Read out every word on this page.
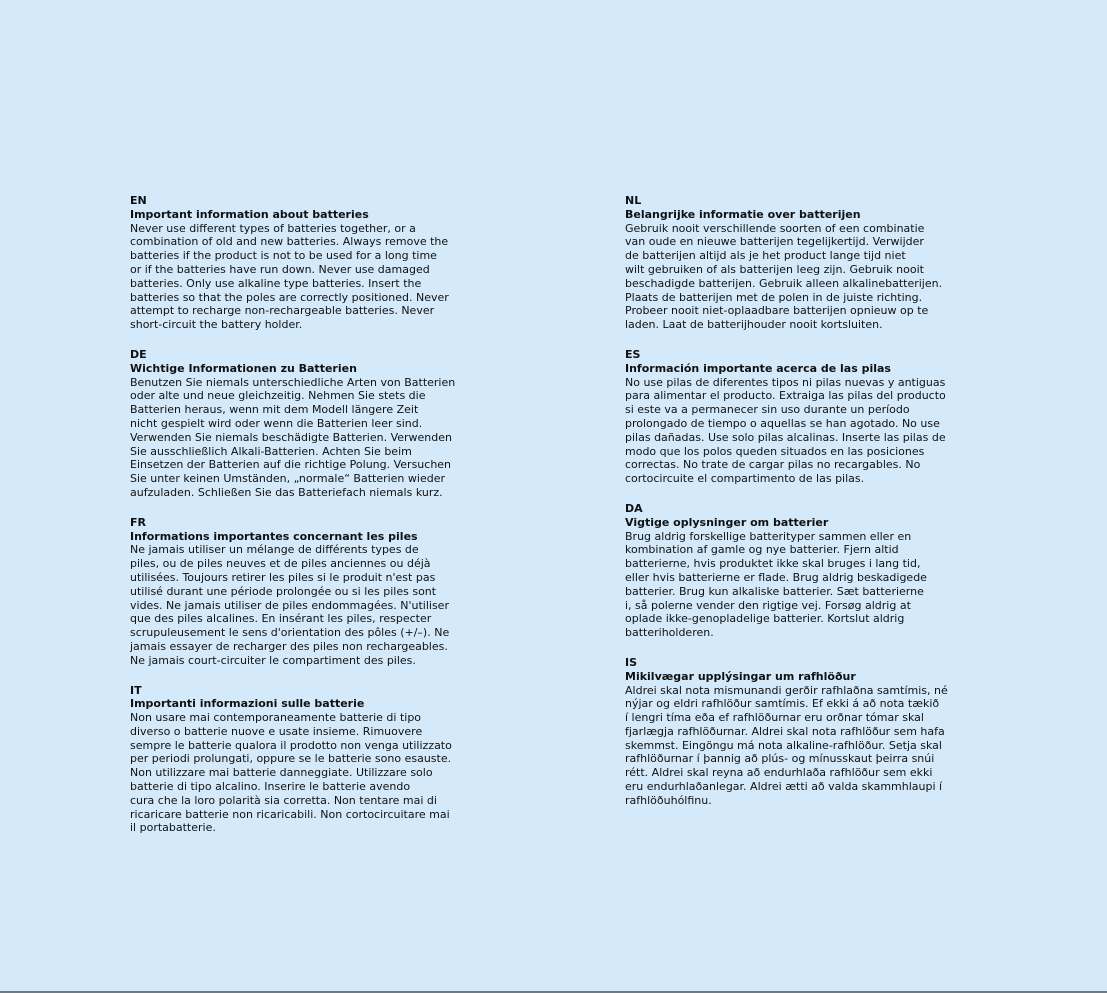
EN
Important information about batteries
Never use different types of batteries together, or a
combination of old and new batteries. Always remove the
batteries if the product is not to be used for a long time
or if the batteries have run down. Never use damaged
batteries. Only use alkaline type batteries. Insert the
batteries so that the poles are correctly positioned. Never
attempt to recharge non-rechargeable batteries. Never
short-circuit the battery holder.
DE
Wichtige Informationen zu Batterien
Benutzen Sie niemals unterschiedliche Arten von Batterien
oder alte und neue gleichzeitig. Nehmen Sie stets die
Batterien heraus, wenn mit dem Modell längere Zeit
nicht gespielt wird oder wenn die Batterien leer sind.
Verwenden Sie niemals beschädigte Batterien. Verwenden
Sie ausschließlich Alkali-Batterien. Achten Sie beim
Einsetzen der Batterien auf die richtige Polung. Versuchen
Sie unter keinen Umständen, „normale“ Batterien wieder
aufzuladen. Schließen Sie das Batteriefach niemals kurz.
FR
Informations importantes concernant les piles
Ne jamais utiliser un mélange de différents types de
piles, ou de piles neuves et de piles anciennes ou déjà
utilisées. Toujours retirer les piles si le produit n'est pas
utilisé durant une période prolongée ou si les piles sont
vides. Ne jamais utiliser de piles endommagées. N'utiliser
que des piles alcalines. En insérant les piles, respecter
scrupuleusement le sens d'orientation des pôles (+/–). Ne
jamais essayer de recharger des piles non rechargeables.
Ne jamais court-circuiter le compartiment des piles.
IT
Importanti informazioni sulle batterie
Non usare mai contemporaneamente batterie di tipo
diverso o batterie nuove e usate insieme. Rimuovere
sempre le batterie qualora il prodotto non venga utilizzato
per periodi prolungati, oppure se le batterie sono esauste.
Non utilizzare mai batterie danneggiate. Utilizzare solo
batterie di tipo alcalino. Inserire le batterie avendo
cura che la loro polarità sia corretta. Non tentare mai di
ricaricare batterie non ricaricabili. Non cortocircuitare mai
il portabatterie.
NL
Belangrijke informatie over batterijen
Gebruik nooit verschillende soorten of een combinatie
van oude en nieuwe batterijen tegelijkertijd. Verwijder
de batterijen altijd als je het product lange tijd niet
wilt gebruiken of als batterijen leeg zijn. Gebruik nooit
beschadigde batterijen. Gebruik alleen alkalinebatterijen.
Plaats de batterijen met de polen in de juiste richting.
Probeer nooit niet-oplaadbare batterijen opnieuw op te
laden. Laat de batterijhouder nooit kortsluiten.
ES
Información importante acerca de las pilas
No use pilas de diferentes tipos ni pilas nuevas y antiguas
para alimentar el producto. Extraiga las pilas del producto
si este va a permanecer sin uso durante un período
prolongado de tiempo o aquellas se han agotado. No use
pilas dañadas. Use solo pilas alcalinas. Inserte las pilas de
modo que los polos queden situados en las posiciones
correctas. No trate de cargar pilas no recargables. No
cortocircuite el compartimento de las pilas.
DA
Vigtige oplysninger om batterier
Brug aldrig forskellige batterityper sammen eller en
kombination af gamle og nye batterier. Fjern altid
batterierne, hvis produktet ikke skal bruges i lang tid,
eller hvis batterierne er flade. Brug aldrig beskadigede
batterier. Brug kun alkaliske batterier. Sæt batterierne
i, så polerne vender den rigtige vej. Forsøg aldrig at
oplade ikke-genopladelige batterier. Kortslut aldrig
batteriholderen.
IS
Mikilvægar upplýsingar um rafhlöður
Aldrei skal nota mismunandi gerðir rafhlaðna samtímis, né
nýjar og eldri rafhlöður samtímis. Ef ekki á að nota tækið
í lengri tíma eða ef rafhlöðurnar eru orðnar tómar skal
fjarlægja rafhlöðurnar. Aldrei skal nota rafhlöður sem hafa
skemmst. Eingöngu má nota alkaline-rafhlöður. Setja skal
rafhlöðurnar í þannig að plús- og mínusskaut þeirra snúi
rétt. Aldrei skal reyna að endurhlaða rafhlöður sem ekki
eru endurhlaðanlegar. Aldrei ætti að valda skammhlaupi í
rafhlöðuhólfinu.
